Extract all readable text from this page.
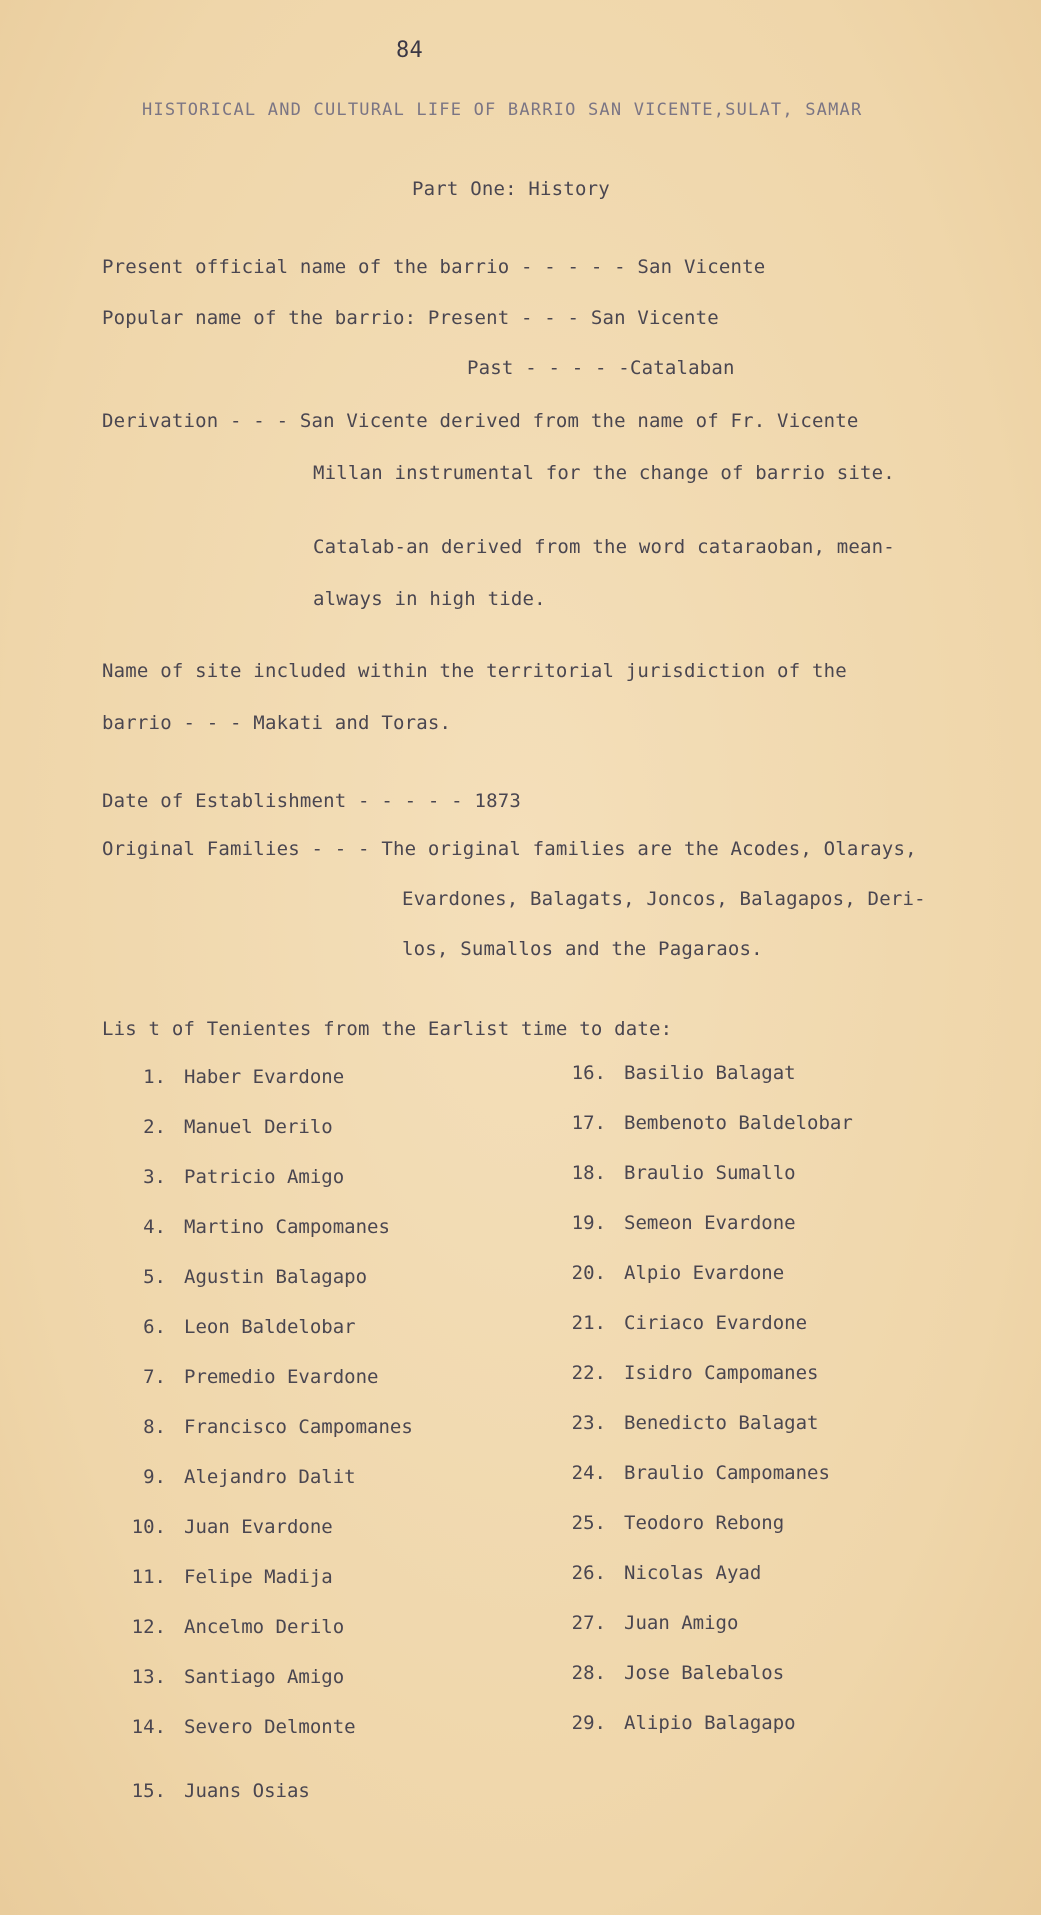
84
HISTORICAL AND CULTURAL LIFE OF BARRIO SAN VICENTE,SULAT, SAMAR
Part One: History
Present official name of the barrio - - - - - San Vicente
Popular name of the barrio: Present - - - San Vicente
Past - - - - -Catalaban
Derivation - - - San Vicente derived from the name of Fr. Vicente
Millan instrumental for the change of barrio site.
Catalab-an derived from the word cataraoban, mean-
always in high tide.
Name of site included within the territorial jurisdiction of the
barrio - - - Makati and Toras.
Date of Establishment - - - - - 1873
Original Families - - - The original families are the Acodes, Olarays,
Evardones, Balagats, Joncos, Balagapos, Deri-
los, Sumallos and the Pagaraos.
Lis t of Tenientes from the Earlist time to date:
1. Haber Evardone
2. Manuel Derilo
3. Patricio Amigo
4. Martino Campomanes
5. Agustin Balagapo
6. Leon Baldelobar
7. Premedio Evardone
8. Francisco Campomanes
9. Alejandro Dalit
10. Juan Evardone
11. Felipe Madija
12. Ancelmo Derilo
13. Santiago Amigo
14. Severo Delmonte
15. Juans Osias
16. Basilio Balagat
17. Bembenoto Baldelobar
18. Braulio Sumallo
19. Semeon Evardone
20. Alpio Evardone
21. Ciriaco Evardone
22. Isidro Campomanes
23. Benedicto Balagat
24. Braulio Campomanes
25. Teodoro Rebong
26. Nicolas Ayad
27. Juan Amigo
28. Jose Balebalos
29. Alipio Balagapo
